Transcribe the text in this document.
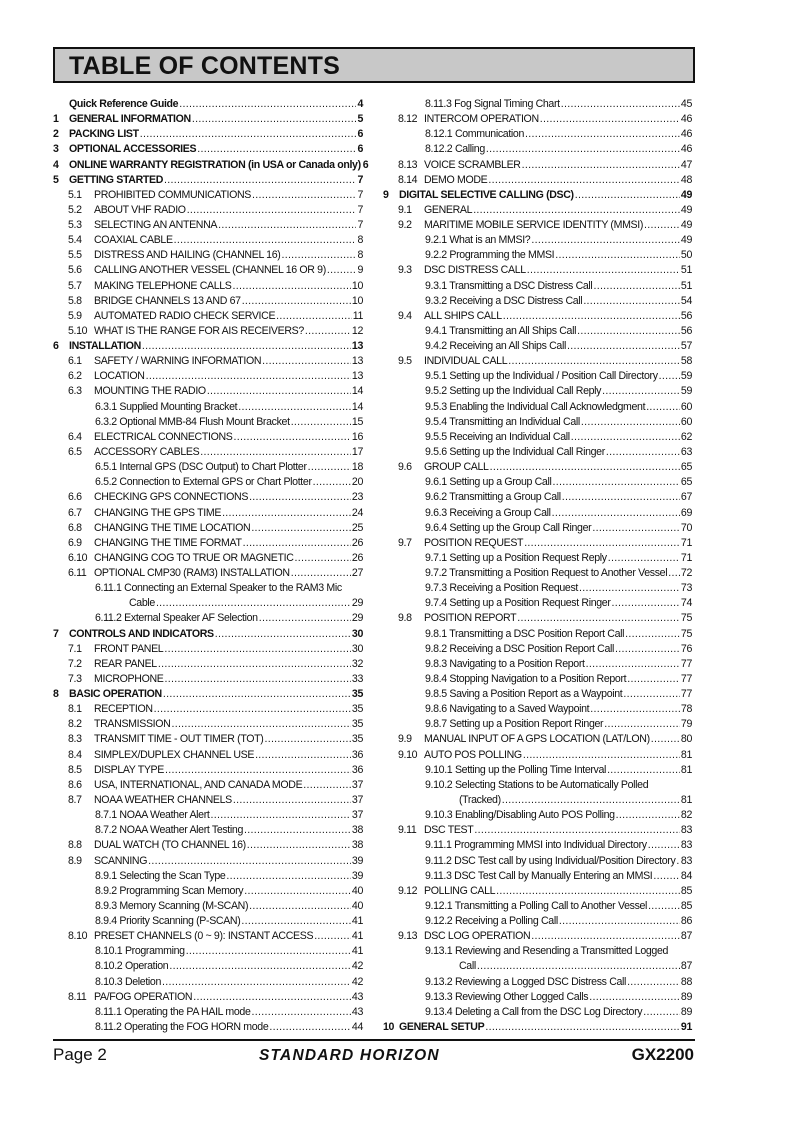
TABLE OF CONTENTS
Quick Reference Guide .....	4
1 GENERAL INFORMATION .....	5
2 PACKING LIST .....	6
3 OPTIONAL ACCESSORIES .....	6
4 ONLINE WARRANTY REGISTRATION (in USA or Canada only) 6
5 GETTING STARTED .....	7
5.1 PROHIBITED COMMUNICATIONS .....	7
5.2 ABOUT VHF RADIO .....	7
5.3 SELECTING AN ANTENNA .....	7
5.4 COAXIAL CABLE .....	8
5.5 DISTRESS AND HAILING (CHANNEL 16) .....	8
5.6 CALLING ANOTHER VESSEL (CHANNEL 16 OR 9) .....	9
5.7 MAKING TELEPHONE CALLS .....	10
5.8 BRIDGE CHANNELS 13 AND 67 .....	10
5.9 AUTOMATED RADIO CHECK SERVICE .....	11
5.10 WHAT IS THE RANGE FOR AIS RECEIVERS? .....	12
6 INSTALLATION .....	13
6.1 SAFETY / WARNING INFORMATION .....	13
6.2 LOCATION .....	13
6.3 MOUNTING THE RADIO .....	14
6.3.1 Supplied Mounting Bracket .....	14
6.3.2 Optional MMB-84 Flush Mount Bracket .....	15
6.4 ELECTRICAL CONNECTIONS .....	16
6.5 ACCESSORY CABLES .....	17
6.5.1 Internal GPS (DSC Output) to Chart Plotter .....	18
6.5.2 Connection to External GPS or Chart Plotter .....	20
6.6 CHECKING GPS CONNECTIONS .....	23
6.7 CHANGING THE GPS TIME .....	24
6.8 CHANGING THE TIME LOCATION .....	25
6.9 CHANGING THE TIME FORMAT .....	26
6.10 CHANGING COG TO TRUE OR MAGNETIC .....	26
6.11 OPTIONAL CMP30 (RAM3) INSTALLATION .....	27
6.11.1 Connecting an External Speaker to the RAM3 Mic
Cable .....	29
6.11.2 External Speaker AF Selection .....	29
7 CONTROLS AND INDICATORS .....	30
7.1 FRONT PANEL .....	30
7.2 REAR PANEL .....	32
7.3 MICROPHONE .....	33
8 BASIC OPERATION .....	35
8.1 RECEPTION .....	35
8.2 TRANSMISSION .....	35
8.3 TRANSMIT TIME - OUT TIMER (TOT) .....	35
8.4 SIMPLEX/DUPLEX CHANNEL USE .....	36
8.5 DISPLAY TYPE .....	36
8.6 USA, INTERNATIONAL, AND CANADA MODE .....	37
8.7 NOAA WEATHER CHANNELS .....	37
8.7.1 NOAA Weather Alert .....	37
8.7.2 NOAA Weather Alert Testing .....	38
8.8 DUAL WATCH (TO CHANNEL 16) .....	38
8.9 SCANNING .....	39
8.9.1 Selecting the Scan Type .....	39
8.9.2 Programming Scan Memory .....	40
8.9.3 Memory Scanning (M-SCAN) .....	40
8.9.4 Priority Scanning (P-SCAN) .....	41
8.10 PRESET CHANNELS (0 ~ 9): INSTANT ACCESS .....	41
8.10.1 Programming .....	41
8.10.2 Operation .....	42
8.10.3 Deletion .....	42
8.11 PA/FOG OPERATION .....	43
8.11.1 Operating the PA HAIL mode .....	43
8.11.2 Operating the FOG HORN mode .....	44
8.11.3 Fog Signal Timing Chart .....	45
8.12 INTERCOM OPERATION .....	46
8.12.1 Communication .....	46
8.12.2 Calling .....	46
8.13 VOICE SCRAMBLER .....	47
8.14 DEMO MODE .....	48
9 DIGITAL SELECTIVE CALLING (DSC) .....	49
9.1 GENERAL .....	49
9.2 MARITIME MOBILE SERVICE IDENTITY (MMSI) .....	49
9.2.1 What is an MMSI? .....	49
9.2.2 Programming the MMSI .....	50
9.3 DSC DISTRESS CALL .....	51
9.3.1 Transmitting a DSC Distress Call .....	51
9.3.2 Receiving a DSC Distress Call .....	54
9.4 ALL SHIPS CALL .....	56
9.4.1 Transmitting an All Ships Call .....	56
9.4.2 Receiving an All Ships Call .....	57
9.5 INDIVIDUAL CALL .....	58
9.5.1 Setting up the Individual / Position Call Directory ..... 59
9.5.2 Setting up the Individual Call Reply .....	59
9.5.3 Enabling the Individual Call Acknowledgment .....	60
9.5.4 Transmitting an Individual Call .....	60
9.5.5 Receiving an Individual Call .....	62
9.5.6 Setting up the Individual Call Ringer .....	63
9.6 GROUP CALL .....	65
9.6.1 Setting up a Group Call .....	65
9.6.2 Transmitting a Group Call .....	67
9.6.3 Receiving a Group Call .....	69
9.6.4 Setting up the Group Call Ringer .....	70
9.7 POSITION REQUEST .....	71
9.7.1 Setting up a Position Request Reply .....	71
9.7.2 Transmitting a Position Request to Another Vessel ..... 72
9.7.3 Receiving a Position Request .....	73
9.7.4 Setting up a Position Request Ringer .....	74
9.8 POSITION REPORT .....	75
9.8.1 Transmitting a DSC Position Report Call .....	75
9.8.2 Receiving a DSC Position Report Call .....	76
9.8.3 Navigating to a Position Report .....	77
9.8.4 Stopping Navigation to a Position Report .....	77
9.8.5 Saving a Position Report as a Waypoint .....	77
9.8.6 Navigating to a Saved Waypoint .....	78
9.8.7 Setting up a Position Report Ringer .....	79
9.9 MANUAL INPUT OF A GPS LOCATION (LAT/LON) .....	80
9.10 AUTO POS POLLING .....	81
9.10.1 Setting up the Polling Time Interval .....	81
9.10.2 Selecting Stations to be Automatically Polled
(Tracked) .....	81
9.10.3 Enabling/Disabling Auto POS Polling .....	82
9.11 DSC TEST .....	83
9.11.1 Programming MMSI into Individual Directory .....	83
9.11.2 DSC Test call by using Individual/Position Directory ..... 83
9.11.3 DSC Test Call by Manually Entering an MMSI .....	84
9.12 POLLING CALL .....	85
9.12.1 Transmitting a Polling Call to Another Vessel .....	85
9.12.2 Receiving a Polling Call .....	86
9.13 DSC LOG OPERATION .....	87
9.13.1 Reviewing and Resending a Transmitted Logged
Call .....	87
9.13.2 Reviewing a Logged DSC Distress Call .....	88
9.13.3 Reviewing Other Logged Calls .....	89
9.13.4 Deleting a Call from the DSC Log Directory .....	89
10 GENERAL SETUP .....	91
Page 2	STANDARD HORIZON	GX2200
